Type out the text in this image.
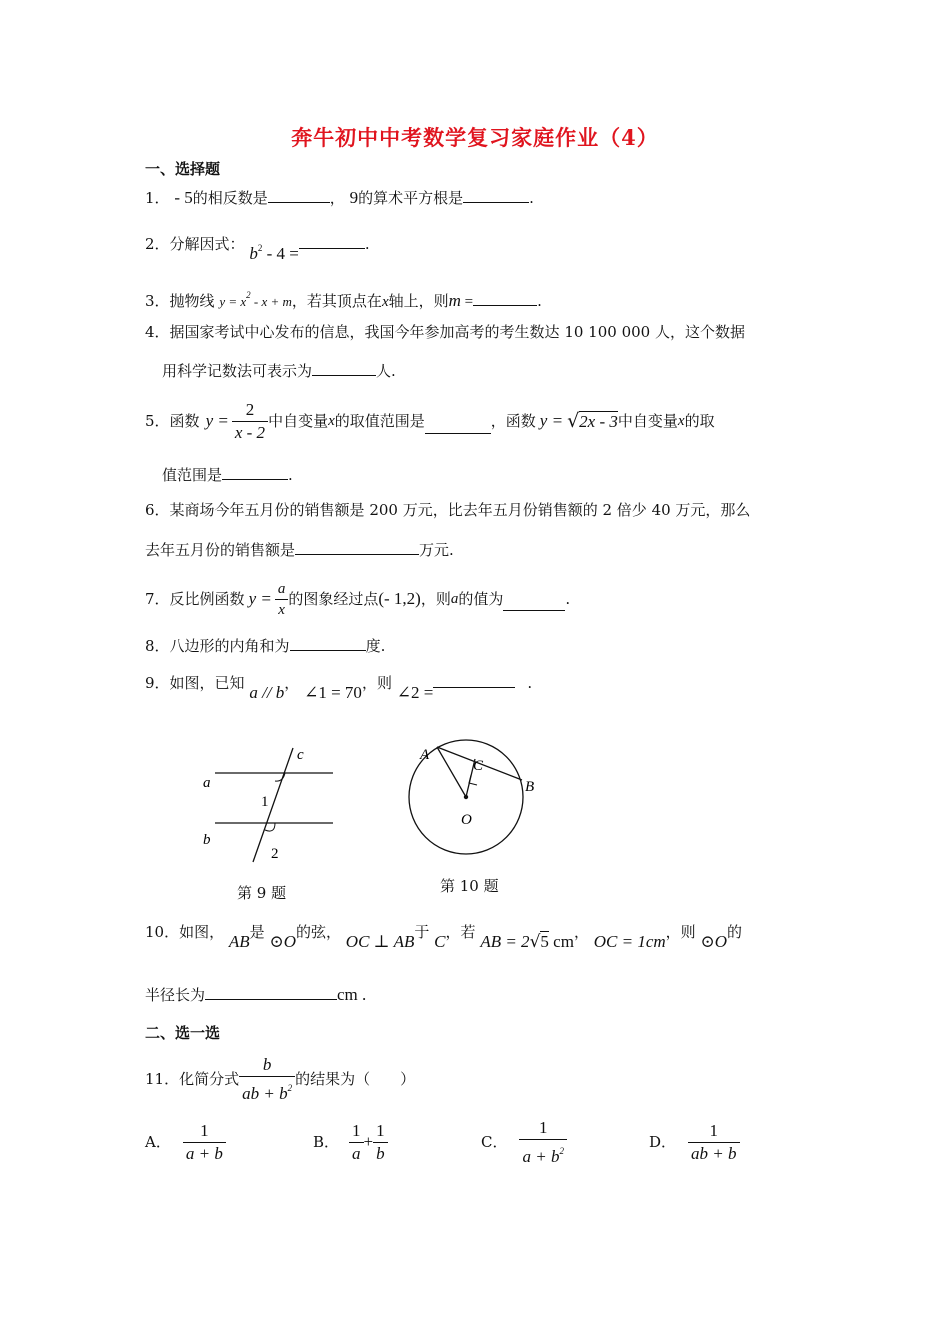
奔牛初中中考数学复习家庭作业（4）
一、选择题
1． - 5的相反数是	， 9的算术平方根是	.
2．分解因式： $b^2 - 4$ =	.
3．抛物线 $y = x^2 - x + m$，若其顶点在x轴上，则m =	.
4．据国家考试中心发布的信息，我国今年参加高考的考生数达 10 100 000 人，这个数据
用科学记数法可表示为	人.
5． 函数 $y = \frac{2}{x - 2}$ 中自变量 x 的取值范围是	，函数 y = √ 2x - 3 中自变量 x 的取
值范围是	.
6．某商场今年五月份的销售额是 200 万元，比去年五月份销售额的 2 倍少 40 万元，那么
去年五月份的销售额是	万元.
7． 反比例函数 $y = \frac{a}{x}$ 的图象经过点 (- 1,2) ，则 a 的值为	.
8．八边形的内角和为	度.
9．如图，已知 a // b， ∠1 = 70，则 ∠2 =	.
a
b
c
1
2
第 9 题
A
B
C
O
第 10 题
10．如图， AB是 ⊙O的弦， OC ⊥ AB于 C，若 AB = 2√5 cm， OC = 1cm，则 ⊙O的
半径长为	cm .
二、选一选
11． 化简分式 $\frac{b}{ab + b^2}$ 的结果为（　　）
A． $\frac{1}{a + b}$	B． $\frac{1}{a} + \frac{1}{b}$	C． $\frac{1}{a + b^2}$	D． $\frac{1}{ab + b}$
